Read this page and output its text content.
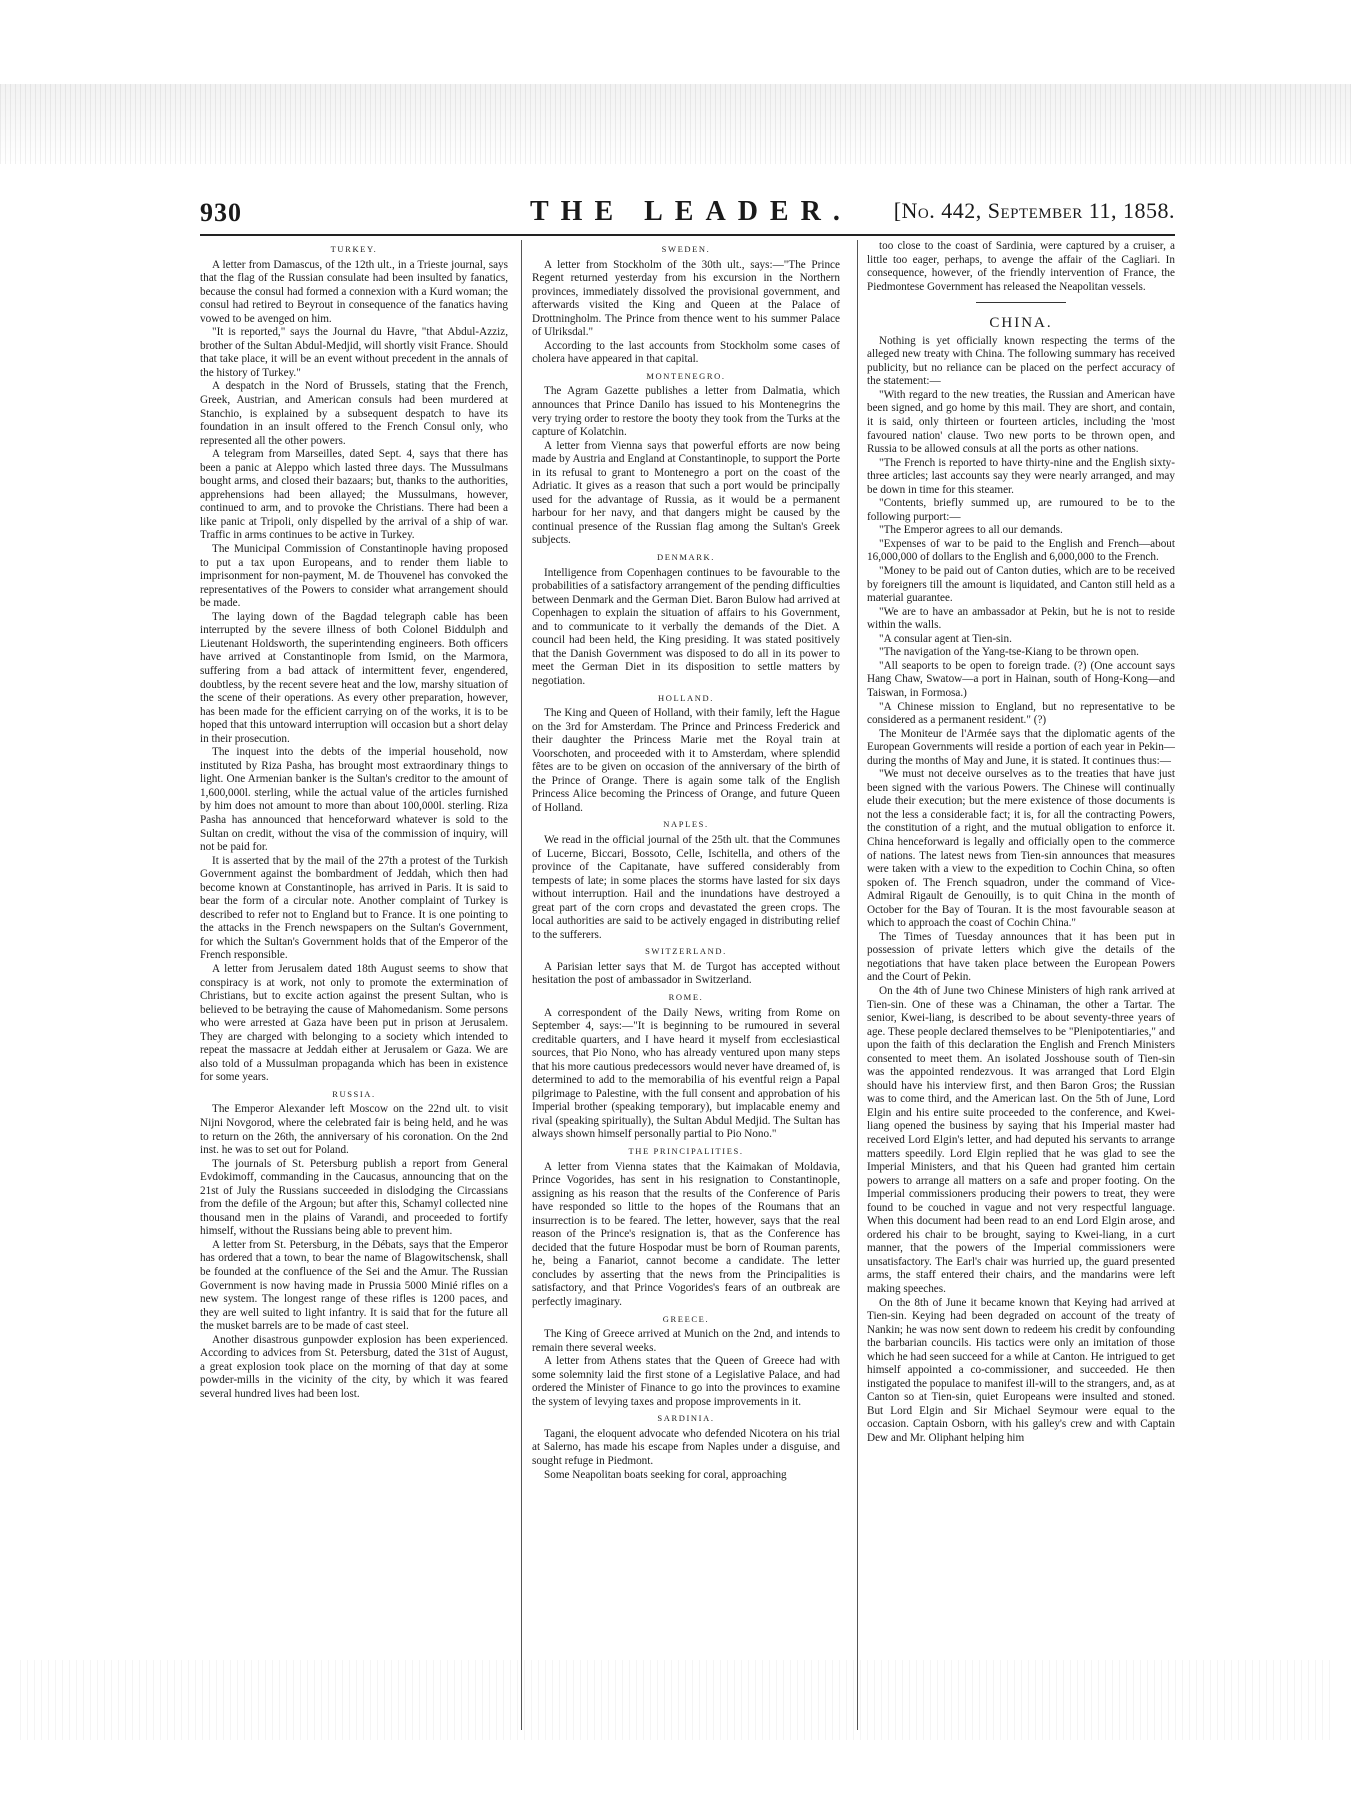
930	THE LEADER. [No. 442, September 11, 1858.
TURKEY.

A letter from Damascus, of the 12th ult., in a Trieste journal, says that the flag of the Russian consulate had been insulted by fanatics, because the consul had formed a connexion with a Kurd woman; the consul had retired to Beyrout in consequence of the fanatics having vowed to be avenged on him.

"It is reported," says the Journal du Havre, "that Abdul-Azziz, brother of the Sultan Abdul-Medjid, will shortly visit France. Should that take place, it will be an event without precedent in the annals of the history of Turkey."

A despatch in the Nord of Brussels, stating that the French, Greek, Austrian, and American consuls had been murdered at Stanchio, is explained by a subsequent despatch to have its foundation in an insult offered to the French Consul only, who represented all the other powers.

A telegram from Marseilles, dated Sept. 4, says that there has been a panic at Aleppo which lasted three days. The Mussulmans bought arms, and closed their bazaars; but, thanks to the authorities, apprehensions had been allayed; the Mussulmans, however, continued to arm, and to provoke the Christians. There had been a like panic at Tripoli, only dispelled by the arrival of a ship of war. Traffic in arms continues to be active in Turkey.

The Municipal Commission of Constantinople having proposed to put a tax upon Europeans, and to render them liable to imprisonment for non-payment, M. de Thouvenel has convoked the representatives of the Powers to consider what arrangement should be made.

The laying down of the Bagdad telegraph cable has been interrupted by the severe illness of both Colonel Biddulph and Lieutenant Holdsworth, the superintending engineers. Both officers have arrived at Constantinople from Ismid, on the Marmora, suffering from a bad attack of intermittent fever, engendered, doubtless, by the recent severe heat and the low, marshy situation of the scene of their operations. As every other preparation, however, has been made for the efficient carrying on of the works, it is to be hoped that this untoward interruption will occasion but a short delay in their prosecution.

The inquest into the debts of the imperial household, now instituted by Riza Pasha, has brought most extraordinary things to light. One Armenian banker is the Sultan's creditor to the amount of 1,600,000l. sterling, while the actual value of the articles furnished by him does not amount to more than about 100,000l. sterling. Riza Pasha has announced that henceforward whatever is sold to the Sultan on credit, without the visa of the commission of inquiry, will not be paid for.

It is asserted that by the mail of the 27th a protest of the Turkish Government against the bombardment of Jeddah, which then had become known at Constantinople, has arrived in Paris. It is said to bear the form of a circular note. Another complaint of Turkey is described to refer not to England but to France. It is one pointing to the attacks in the French newspapers on the Sultan's Government, for which the Sultan's Government holds that of the Emperor of the French responsible.

A letter from Jerusalem dated 18th August seems to show that conspiracy is at work, not only to promote the extermination of Christians, but to excite action against the present Sultan, who is believed to be betraying the cause of Mahomedanism. Some persons who were arrested at Gaza have been put in prison at Jerusalem. They are charged with belonging to a society which intended to repeat the massacre at Jeddah either at Jerusalem or Gaza. We are also told of a Mussulman propaganda which has been in existence for some years.

RUSSIA.

The Emperor Alexander left Moscow on the 22nd ult. to visit Nijni Novgorod, where the celebrated fair is being held, and he was to return on the 26th, the anniversary of his coronation. On the 2nd inst. he was to set out for Poland.

The journals of St. Petersburg publish a report from General Evdokimoff, commanding in the Caucasus, announcing that on the 21st of July the Russians succeeded in dislodging the Circassians from the defile of the Argoun; but after this, Schamyl collected nine thousand men in the plains of Varandi, and proceeded to fortify himself, without the Russians being able to prevent him.

A letter from St. Petersburg, in the Débats, says that the Emperor has ordered that a town, to bear the name of Blagowitschensk, shall be founded at the confluence of the Sei and the Amur. The Russian Government is now having made in Prussia 5000 Minié rifles on a new system. The longest range of these rifles is 1200 paces, and they are well suited to light infantry. It is said that for the future all the musket barrels are to be made of cast steel.

Another disastrous gunpowder explosion has been experienced. According to advices from St. Petersburg, dated the 31st of August, a great explosion took place on the morning of that day at some powder-mills in the vicinity of the city, by which it was feared several hundred lives had been lost.

SWEDEN.

A letter from Stockholm of the 30th ult., says:—"The Prince Regent returned yesterday from his excursion in the Northern provinces, immediately dissolved the provisional government, and afterwards visited the King and Queen at the Palace of Drottningholm. The Prince from thence went to his summer Palace of Ulriksdal."

According to the last accounts from Stockholm some cases of cholera have appeared in that capital.

MONTENEGRO.

The Agram Gazette publishes a letter from Dalmatia, which announces that Prince Danilo has issued to his Montenegrins the very trying order to restore the booty they took from the Turks at the capture of Kolatchin.

A letter from Vienna says that powerful efforts are now being made by Austria and England at Constantinople, to support the Porte in its refusal to grant to Montenegro a port on the coast of the Adriatic. It gives as a reason that such a port would be principally used for the advantage of Russia, as it would be a permanent harbour for her navy, and that dangers might be caused by the continual presence of the Russian flag among the Sultan's Greek subjects.

DENMARK.

Intelligence from Copenhagen continues to be favourable to the probabilities of a satisfactory arrangement of the pending difficulties between Denmark and the German Diet. Baron Bulow had arrived at Copenhagen to explain the situation of affairs to his Government, and to communicate to it verbally the demands of the Diet. A council had been held, the King presiding. It was stated positively that the Danish Government was disposed to do all in its power to meet the German Diet in its disposition to settle matters by negotiation.

HOLLAND.

The King and Queen of Holland, with their family, left the Hague on the 3rd for Amsterdam. The Prince and Princess Frederick and their daughter the Princess Marie met the Royal train at Voorschoten, and proceeded with it to Amsterdam, where splendid fêtes are to be given on occasion of the anniversary of the birth of the Prince of Orange. There is again some talk of the English Princess Alice becoming the Princess of Orange, and future Queen of Holland.

NAPLES.

We read in the official journal of the 25th ult. that the Communes of Lucerne, Biccari, Bossoto, Celle, Ischitella, and others of the province of the Capitanate, have suffered considerably from tempests of late; in some places the storms have lasted for six days without interruption. Hail and the inundations have destroyed a great part of the corn crops and devastated the green crops. The local authorities are said to be actively engaged in distributing relief to the sufferers.

SWITZERLAND.

A Parisian letter says that M. de Turgot has accepted without hesitation the post of ambassador in Switzerland.

ROME.

A correspondent of the Daily News, writing from Rome on September 4, says:—"It is beginning to be rumoured in several creditable quarters, and I have heard it myself from ecclesiastical sources, that Pio Nono, who has already ventured upon many steps that his more cautious predecessors would never have dreamed of, is determined to add to the memorabilia of his eventful reign a Papal pilgrimage to Palestine, with the full consent and approbation of his Imperial brother (speaking temporary), but implacable enemy and rival (speaking spiritually), the Sultan Abdul Medjid. The Sultan has always shown himself personally partial to Pio Nono."

THE PRINCIPALITIES.

A letter from Vienna states that the Kaimakan of Moldavia, Prince Vogorides, has sent in his resignation to Constantinople, assigning as his reason that the results of the Conference of Paris have responded so little to the hopes of the Roumans that an insurrection is to be feared. The letter, however, says that the real reason of the Prince's resignation is, that as the Conference has decided that the future Hospodar must be born of Rouman parents, he, being a Fanariot, cannot become a candidate. The letter concludes by asserting that the news from the Principalities is satisfactory, and that Prince Vogorides's fears of an outbreak are perfectly imaginary.

GREECE.

The King of Greece arrived at Munich on the 2nd, and intends to remain there several weeks.

A letter from Athens states that the Queen of Greece had with some solemnity laid the first stone of a Legislative Palace, and had ordered the Minister of Finance to go into the provinces to examine the system of levying taxes and propose improvements in it.

SARDINIA.

Tagani, the eloquent advocate who defended Nicotera on his trial at Salerno, has made his escape from Naples under a disguise, and sought refuge in Piedmont.

Some Neapolitan boats seeking for coral, approaching

too close to the coast of Sardinia, were captured by a cruiser, a little too eager, perhaps, to avenge the affair of the Cagliari. In consequence, however, of the friendly intervention of France, the Piedmontese Government has released the Neapolitan vessels.

CHINA.

Nothing is yet officially known respecting the terms of the alleged new treaty with China. The following summary has received publicity, but no reliance can be placed on the perfect accuracy of the statement:—

"With regard to the new treaties, the Russian and American have been signed, and go home by this mail. They are short, and contain, it is said, only thirteen or fourteen articles, including the 'most favoured nation' clause. Two new ports to be thrown open, and Russia to be allowed consuls at all the ports as other nations.

"The French is reported to have thirty-nine and the English sixty-three articles; last accounts say they were nearly arranged, and may be down in time for this steamer.

"Contents, briefly summed up, are rumoured to be to the following purport:—

"The Emperor agrees to all our demands.

"Expenses of war to be paid to the English and French—about 16,000,000 of dollars to the English and 6,000,000 to the French.

"Money to be paid out of Canton duties, which are to be received by foreigners till the amount is liquidated, and Canton still held as a material guarantee.

"We are to have an ambassador at Pekin, but he is not to reside within the walls.

"A consular agent at Tien-sin.

"The navigation of the Yang-tse-Kiang to be thrown open.

"All seaports to be open to foreign trade. (?) (One account says Hang Chaw, Swatow—a port in Hainan, south of Hong-Kong—and Taiswan, in Formosa.)

"A Chinese mission to England, but no representative to be considered as a permanent resident." (?)

The Moniteur de l'Armée says that the diplomatic agents of the European Governments will reside a portion of each year in Pekin—during the months of May and June, it is stated. It continues thus:—

"We must not deceive ourselves as to the treaties that have just been signed with the various Powers. The Chinese will continually elude their execution; but the mere existence of those documents is not the less a considerable fact; it is, for all the contracting Powers, the constitution of a right, and the mutual obligation to enforce it. China henceforward is legally and officially open to the commerce of nations. The latest news from Tien-sin announces that measures were taken with a view to the expedition to Cochin China, so often spoken of. The French squadron, under the command of Vice-Admiral Rigault de Genouilly, is to quit China in the month of October for the Bay of Touran. It is the most favourable season at which to approach the coast of Cochin China."

The Times of Tuesday announces that it has been put in possession of private letters which give the details of the negotiations that have taken place between the European Powers and the Court of Pekin.

On the 4th of June two Chinese Ministers of high rank arrived at Tien-sin. One of these was a Chinaman, the other a Tartar. The senior, Kwei-liang, is described to be about seventy-three years of age. These people declared themselves to be "Plenipotentiaries," and upon the faith of this declaration the English and French Ministers consented to meet them. An isolated Josshouse south of Tien-sin was the appointed rendezvous. It was arranged that Lord Elgin should have his interview first, and then Baron Gros; the Russian was to come third, and the American last. On the 5th of June, Lord Elgin and his entire suite proceeded to the conference, and Kwei-liang opened the business by saying that his Imperial master had received Lord Elgin's letter, and had deputed his servants to arrange matters speedily. Lord Elgin replied that he was glad to see the Imperial Ministers, and that his Queen had granted him certain powers to arrange all matters on a safe and proper footing. On the Imperial commissioners producing their powers to treat, they were found to be couched in vague and not very respectful language. When this document had been read to an end Lord Elgin arose, and ordered his chair to be brought, saying to Kwei-liang, in a curt manner, that the powers of the Imperial commissioners were unsatisfactory. The Earl's chair was hurried up, the guard presented arms, the staff entered their chairs, and the mandarins were left making speeches.

On the 8th of June it became known that Keying had arrived at Tien-sin. Keying had been degraded on account of the treaty of Nankin; he was now sent down to redeem his credit by confounding the barbarian councils. His tactics were only an imitation of those which he had seen succeed for a while at Canton. He intrigued to get himself appointed a co-commissioner, and succeeded. He then instigated the populace to manifest ill-will to the strangers, and, as at Canton so at Tien-sin, quiet Europeans were insulted and stoned. But Lord Elgin and Sir Michael Seymour were equal to the occasion. Captain Osborn, with his galley's crew and with Captain Dew and Mr. Oliphant helping him
